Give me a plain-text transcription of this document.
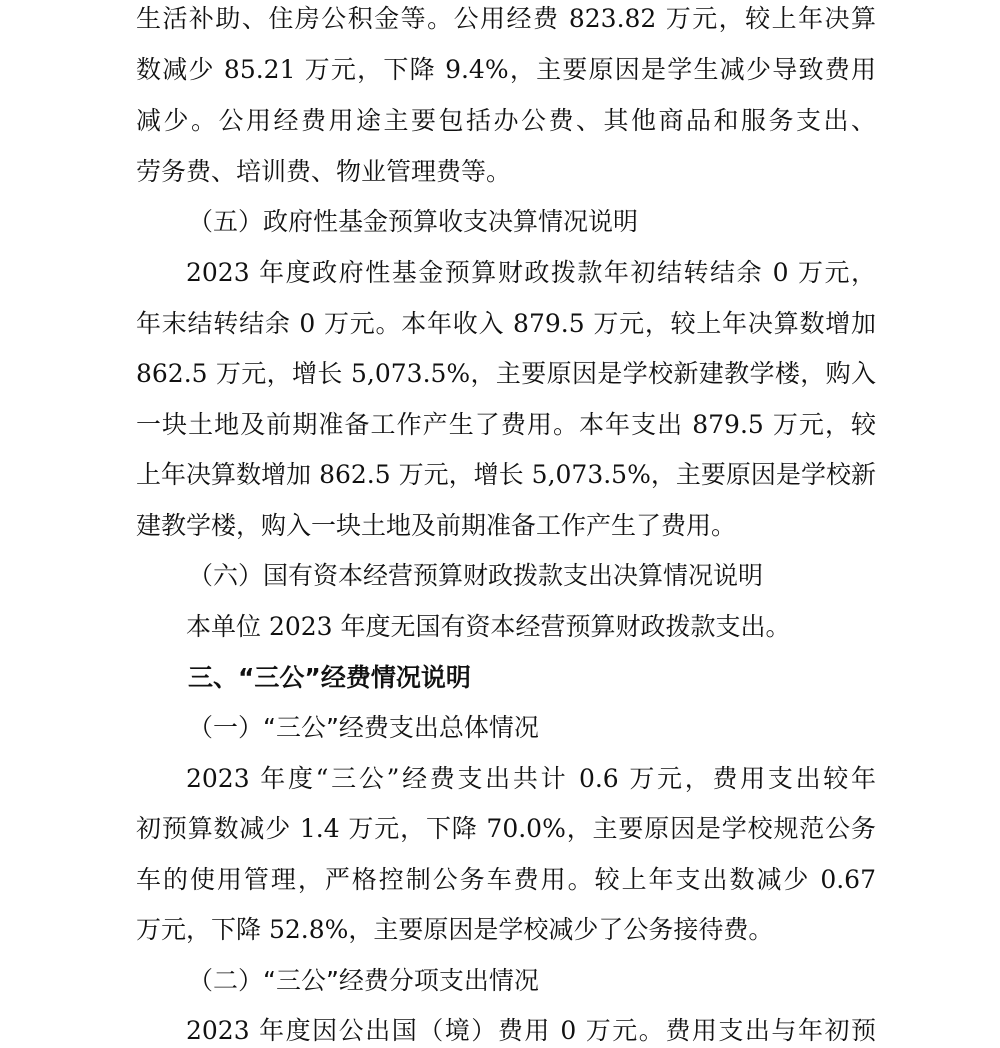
生活补助、住房公积金等。公用经费 823.82 万元，较上年决算
数减少 85.21 万元，下降 9.4%，主要原因是学生减少导致费用
减少。公用经费用途主要包括办公费、其他商品和服务支出、
劳务费、培训费、物业管理费等。
（五）政府性基金预算收支决算情况说明
2023 年度政府性基金预算财政拨款年初结转结余 0 万元，
年末结转结余 0 万元。本年收入 879.5 万元，较上年决算数增加
862.5 万元，增长 5,073.5%，主要原因是学校新建教学楼，购入
一块土地及前期准备工作产生了费用。本年支出 879.5 万元，较
上年决算数增加 862.5 万元，增长 5,073.5%，主要原因是学校新
建教学楼，购入一块土地及前期准备工作产生了费用。
（六）国有资本经营预算财政拨款支出决算情况说明
本单位 2023 年度无国有资本经营预算财政拨款支出。
三、“三公”经费情况说明
（一）“三公”经费支出总体情况
2023 年度“三公”经费支出共计 0.6 万元，费用支出较年
初预算数减少 1.4 万元，下降 70.0%，主要原因是学校规范公务
车的使用管理，严格控制公务车费用。较上年支出数减少 0.67
万元，下降 52.8%，主要原因是学校减少了公务接待费。
（二）“三公”经费分项支出情况
2023 年度因公出国（境）费用 0 万元。费用支出与年初预
